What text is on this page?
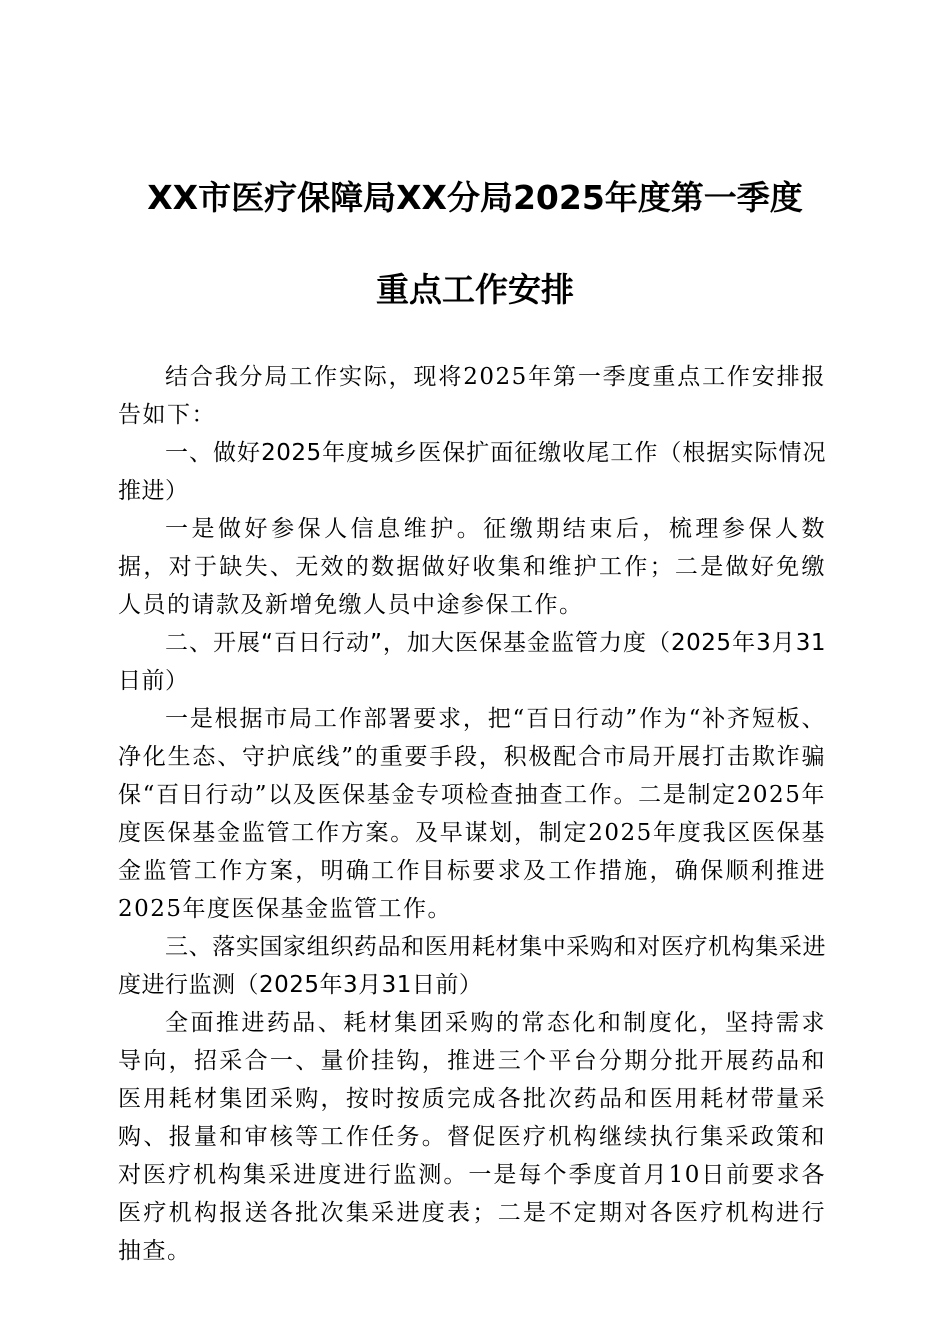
XX市医疗保障局XX分局2025年度第一季度
重点工作安排

结合我分局工作实际，现将2025年第一季度重点工作安排报告如下：

一、做好2025年度城乡医保扩面征缴收尾工作（根据实际情况推进）

一是做好参保人信息维护。征缴期结束后，梳理参保人数据，对于缺失、无效的数据做好收集和维护工作；二是做好免缴人员的请款及新增免缴人员中途参保工作。

二、开展“百日行动”，加大医保基金监管力度（2025年3月31日前）

一是根据市局工作部署要求，把“百日行动”作为“补齐短板、净化生态、守护底线”的重要手段，积极配合市局开展打击欺诈骗保“百日行动”以及医保基金专项检查抽查工作。二是制定2025年度医保基金监管工作方案。及早谋划，制定2025年度我区医保基金监管工作方案，明确工作目标要求及工作措施，确保顺利推进2025年度医保基金监管工作。

三、落实国家组织药品和医用耗材集中采购和对医疗机构集采进度进行监测（2025年3月31日前）

全面推进药品、耗材集团采购的常态化和制度化，坚持需求导向，招采合一、量价挂钩，推进三个平台分期分批开展药品和医用耗材集团采购，按时按质完成各批次药品和医用耗材带量采购、报量和审核等工作任务。督促医疗机构继续执行集采政策和对医疗机构集采进度进行监测。一是每个季度首月10日前要求各医疗机构报送各批次集采进度表；二是不定期对各医疗机构进行抽查。
